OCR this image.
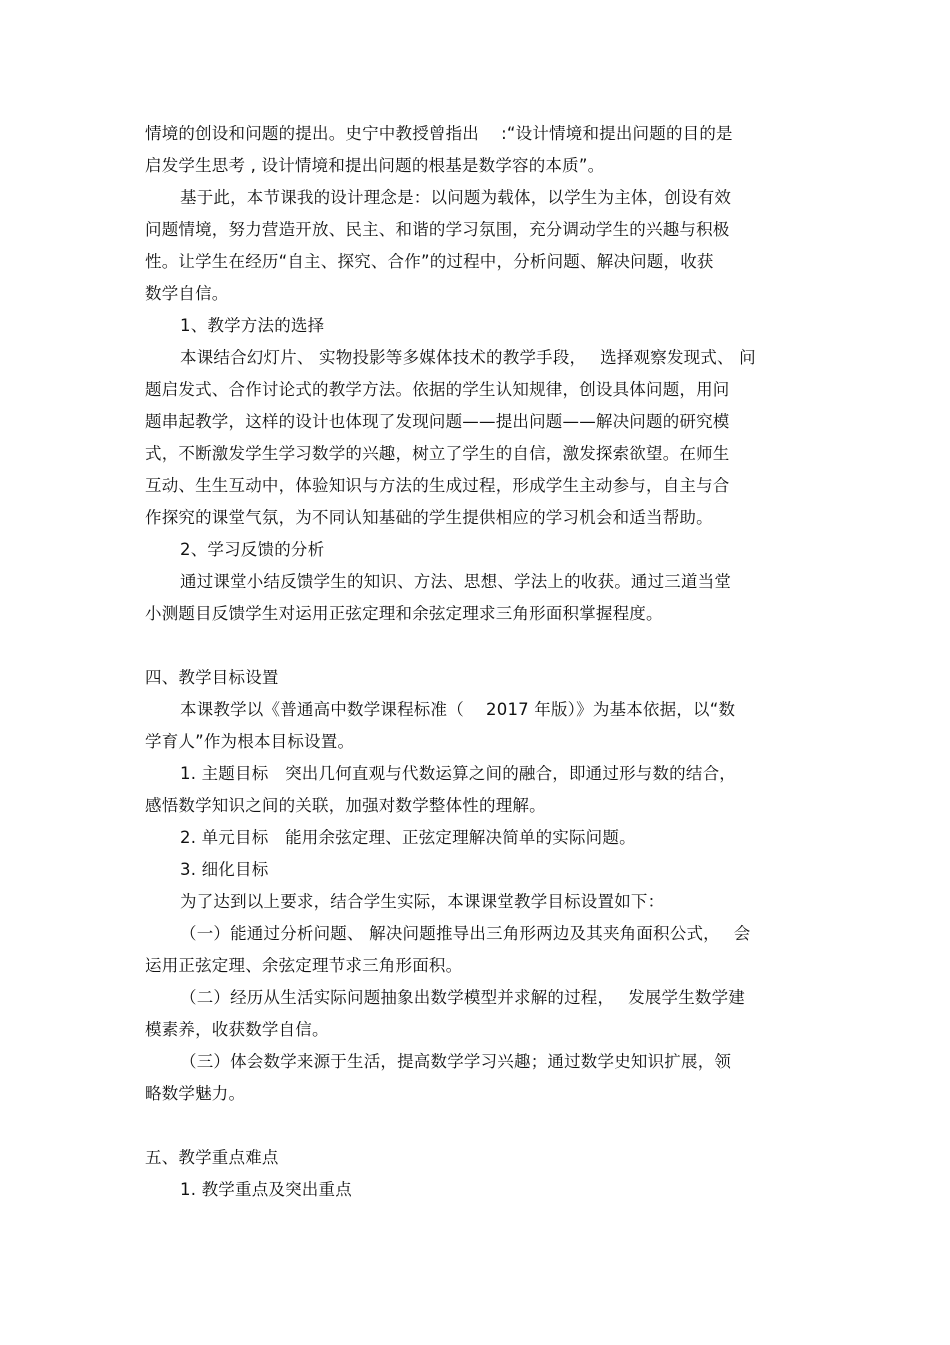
情境的创设和问题的提出。史宁中教授曾指出　 :“设计情境和提出问题的目的是
启发学生思考 , 设计情境和提出问题的根基是数学容的本质”。
基于此，本节课我的设计理念是：以问题为载体，以学生为主体，创设有效
问题情境，努力营造开放、民主、和谐的学习氛围，充分调动学生的兴趣与积极
性。让学生在经历“自主、探究、合作”的过程中，分析问题、解决问题，收获
数学自信。
1、教学方法的选择
本课结合幻灯片、 实物投影等多媒体技术的教学手段，　 选择观察发现式、 问
题启发式、合作讨论式的教学方法。依据的学生认知规律，创设具体问题，用问
题串起教学，这样的设计也体现了发现问题——提出问题——解决问题的研究模
式，不断激发学生学习数学的兴趣，树立了学生的自信，激发探索欲望。在师生
互动、生生互动中，体验知识与方法的生成过程，形成学生主动参与，自主与合
作探究的课堂气氛，为不同认知基础的学生提供相应的学习机会和适当帮助。
2、学习反馈的分析
通过课堂小结反馈学生的知识、方法、思想、学法上的收获。通过三道当堂
小测题目反馈学生对运用正弦定理和余弦定理求三角形面积掌握程度。
四、教学目标设置
本课教学以《普通高中数学课程标准（　 2017 年版）》为基本依据，以“数
学育人”作为根本目标设置。
1. 主题目标　突出几何直观与代数运算之间的融合，即通过形与数的结合，
感悟数学知识之间的关联，加强对数学整体性的理解。
2. 单元目标　能用余弦定理、正弦定理解决简单的实际问题。
3. 细化目标
为了达到以上要求，结合学生实际，本课课堂教学目标设置如下：
（一）能通过分析问题、 解决问题推导出三角形两边及其夹角面积公式，　 会
运用正弦定理、余弦定理节求三角形面积。
（二）经历从生活实际问题抽象出数学模型并求解的过程，　 发展学生数学建
模素养，收获数学自信。
（三）体会数学来源于生活，提高数学学习兴趣；通过数学史知识扩展，领
略数学魅力。
五、教学重点难点
1. 教学重点及突出重点
